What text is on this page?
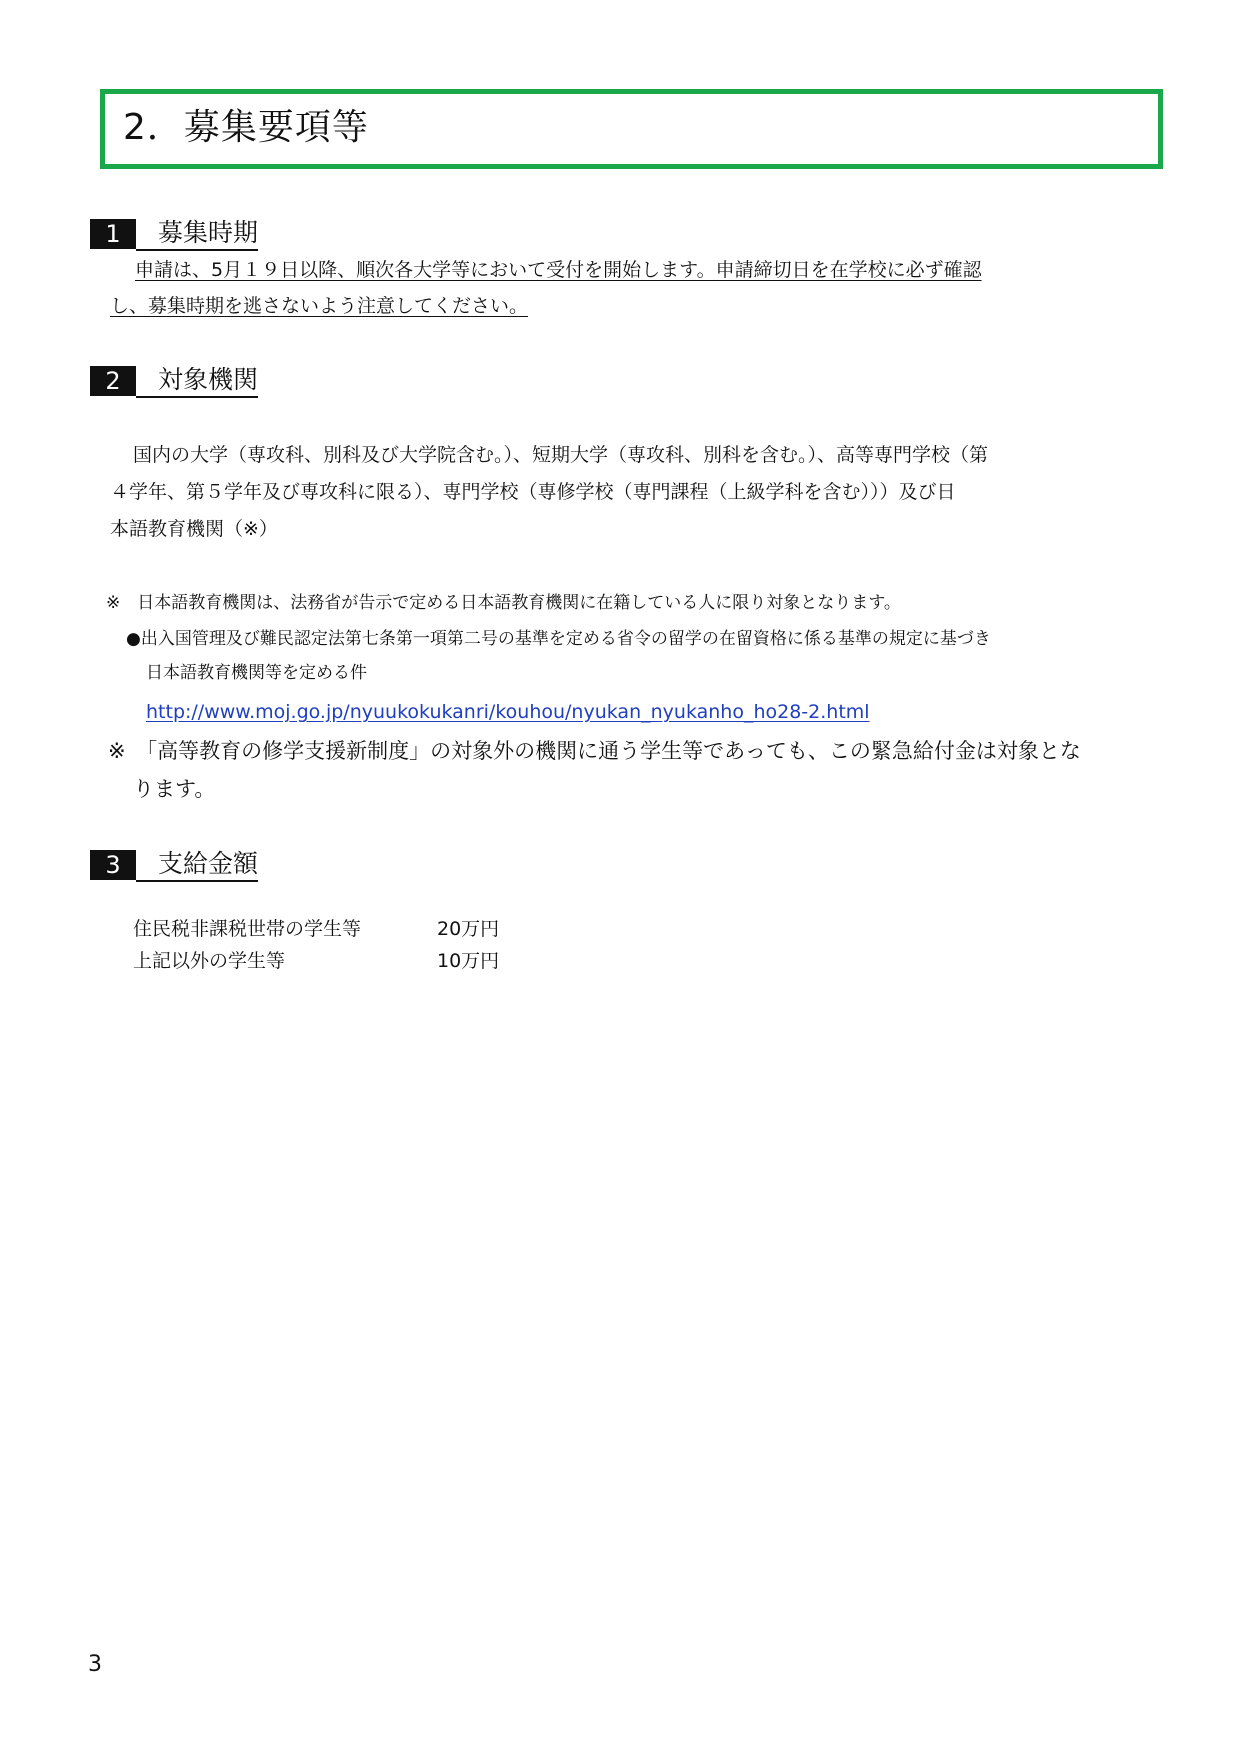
2．募集要項等
1	募集時期
申請は、5月１９日以降、順次各大学等において受付を開始します。申請締切日を在学校に必ず確認
し、募集時期を逃さないよう注意してください。
2	対象機関
国内の大学（専攻科、別科及び大学院含む。）、短期大学（専攻科、別科を含む。）、高等専門学校（第
４学年、第５学年及び専攻科に限る）、専門学校（専修学校（専門課程（上級学科を含む）））及び日
本語教育機関（※）
※　日本語教育機関は、法務省が告示で定める日本語教育機関に在籍している人に限り対象となります。
●出入国管理及び難民認定法第七条第一項第二号の基準を定める省令の留学の在留資格に係る基準の規定に基づき
日本語教育機関等を定める件
http://www.moj.go.jp/nyuukokukanri/kouhou/nyukan_nyukanho_ho28-2.html
※　「高等教育の修学支援新制度」の対象外の機関に通う学生等であっても、この緊急給付金は対象とな
ります。
3	支給金額
住民税非課税世帯の学生等	20万円
上記以外の学生等	10万円
3
